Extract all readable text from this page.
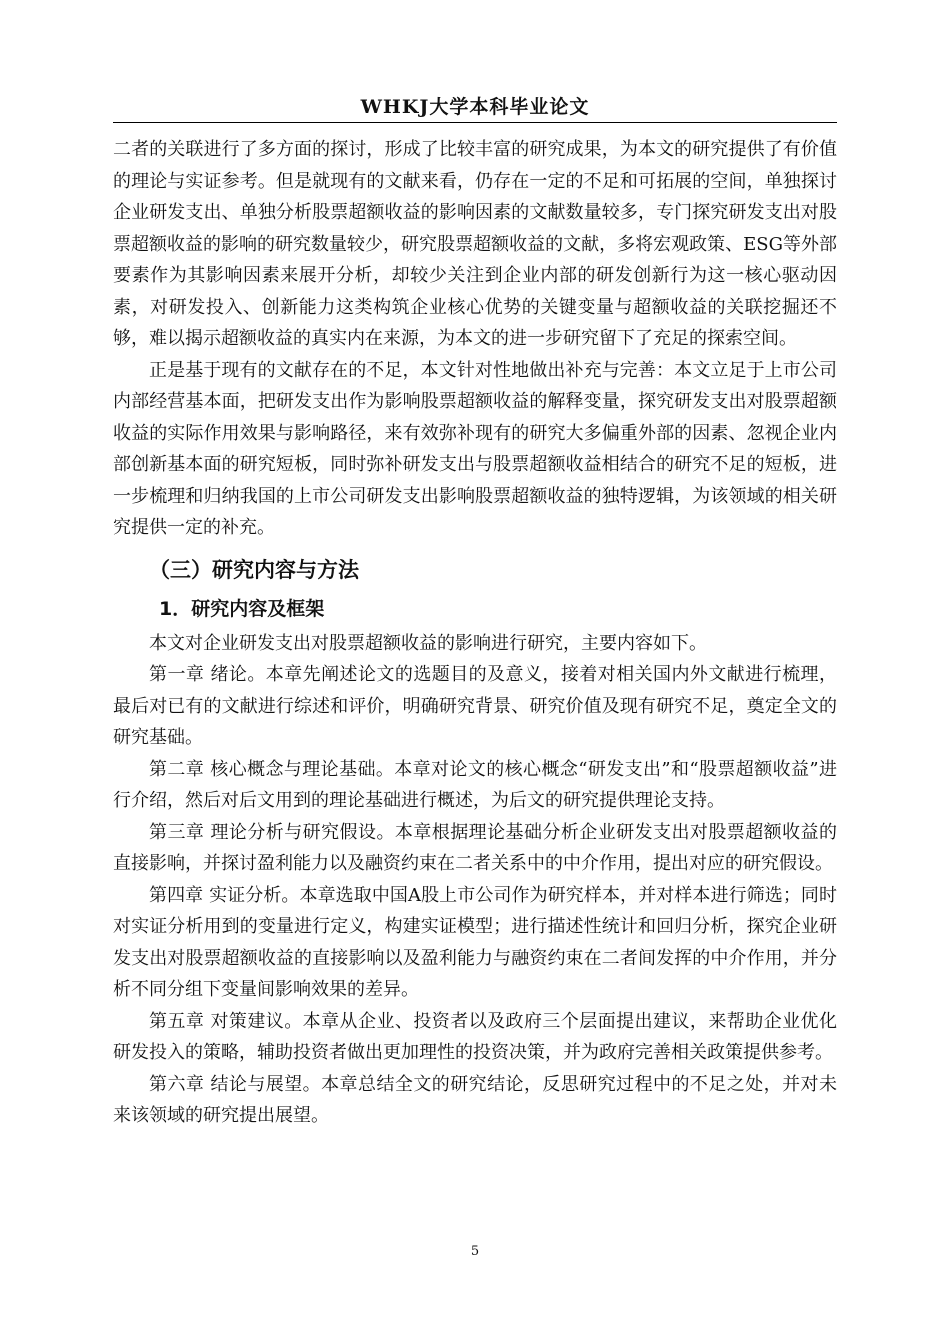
WHKJ大学本科毕业论文

二者的关联进行了多方面的探讨，形成了比较丰富的研究成果，为本文的研究提供了有价值的理论与实证参考。但是就现有的文献来看，仍存在一定的不足和可拓展的空间，单独探讨企业研发支出、单独分析股票超额收益的影响因素的文献数量较多，专门探究研发支出对股票超额收益的影响的研究数量较少，研究股票超额收益的文献，多将宏观政策、ESG等外部要素作为其影响因素来展开分析，却较少关注到企业内部的研发创新行为这一核心驱动因素，对研发投入、创新能力这类构筑企业核心优势的关键变量与超额收益的关联挖掘还不够，难以揭示超额收益的真实内在来源，为本文的进一步研究留下了充足的探索空间。

正是基于现有的文献存在的不足，本文针对性地做出补充与完善：本文立足于上市公司内部经营基本面，把研发支出作为影响股票超额收益的解释变量，探究研发支出对股票超额收益的实际作用效果与影响路径，来有效弥补现有的研究大多偏重外部的因素、忽视企业内部创新基本面的研究短板，同时弥补研发支出与股票超额收益相结合的研究不足的短板，进一步梳理和归纳我国的上市公司研发支出影响股票超额收益的独特逻辑，为该领域的相关研究提供一定的补充。

（三）研究内容与方法
1．研究内容及框架

本文对企业研发支出对股票超额收益的影响进行研究，主要内容如下。

第一章 绪论。本章先阐述论文的选题目的及意义，接着对相关国内外文献进行梳理，最后对已有的文献进行综述和评价，明确研究背景、研究价值及现有研究不足，奠定全文的研究基础。

第二章 核心概念与理论基础。本章对论文的核心概念“研发支出”和“股票超额收益”进行介绍，然后对后文用到的理论基础进行概述，为后文的研究提供理论支持。

第三章 理论分析与研究假设。本章根据理论基础分析企业研发支出对股票超额收益的直接影响，并探讨盈利能力以及融资约束在二者关系中的中介作用，提出对应的研究假设。

第四章 实证分析。本章选取中国A股上市公司作为研究样本，并对样本进行筛选；同时对实证分析用到的变量进行定义，构建实证模型；进行描述性统计和回归分析，探究企业研发支出对股票超额收益的直接影响以及盈利能力与融资约束在二者间发挥的中介作用，并分析不同分组下变量间影响效果的差异。

第五章 对策建议。本章从企业、投资者以及政府三个层面提出建议，来帮助企业优化研发投入的策略，辅助投资者做出更加理性的投资决策，并为政府完善相关政策提供参考。

第六章 结论与展望。本章总结全文的研究结论，反思研究过程中的不足之处，并对未来该领域的研究提出展望。

5
